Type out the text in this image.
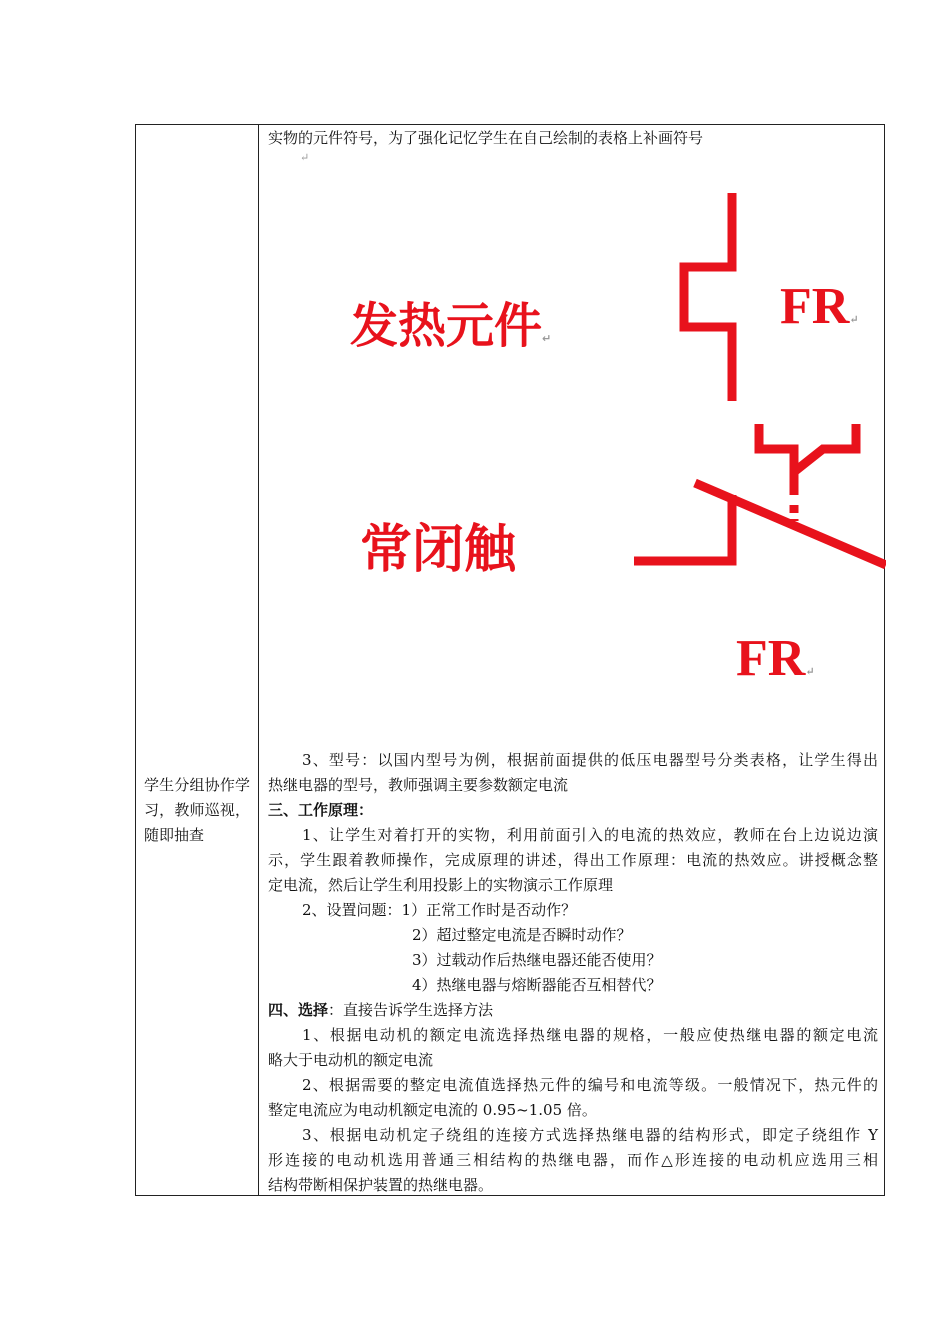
学生分组协作学习，教师巡视，随即抽查
发热元件↵
FR↵
常闭触
FR↵
实物的元件符号，为了强化记忆学生在自己绘制的表格上补画符号
↵
3、型号：以国内型号为例，根据前面提供的低压电器型号分类表格，让学生得出
热继电器的型号，教师强调主要参数额定电流
三、工作原理：
1、让学生对着打开的实物，利用前面引入的电流的热效应，教师在台上边说边演
示，学生跟着教师操作，完成原理的讲述，得出工作原理：电流的热效应。讲授概念整
定电流，然后让学生利用投影上的实物演示工作原理
2、设置问题：1）正常工作时是否动作？
2）超过整定电流是否瞬时动作？
3）过载动作后热继电器还能否使用？
4）热继电器与熔断器能否互相替代？
四、选择：直接告诉学生选择方法
1、根据电动机的额定电流选择热继电器的规格，一般应使热继电器的额定电流
略大于电动机的额定电流
2、根据需要的整定电流值选择热元件的编号和电流等级。一般情况下，热元件的
整定电流应为电动机额定电流的 0.95~1.05 倍。
3、根据电动机定子绕组的连接方式选择热继电器的结构形式，即定子绕组作 Y
形连接的电动机选用普通三相结构的热继电器，而作△形连接的电动机应选用三相
结构带断相保护装置的热继电器。
